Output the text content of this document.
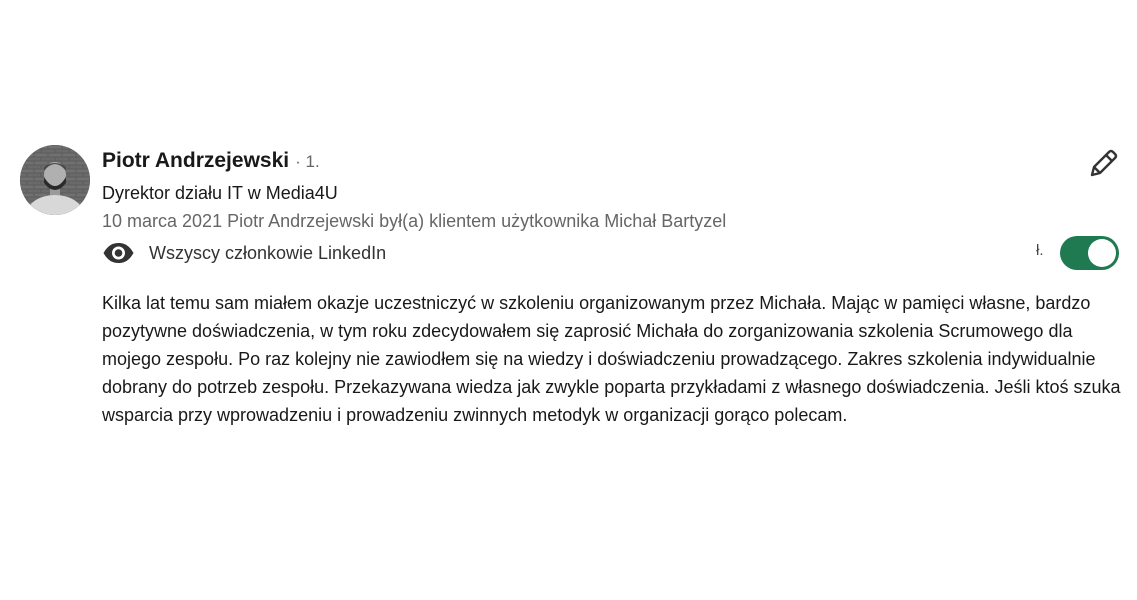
Piotr Andrzejewski · 1.
Dyrektor działu IT w Media4U
10 marca 2021 Piotr Andrzejewski był(a) klientem użytkownika Michał Bartyzel
Wszyscy członkowie LinkedIn	ł.
Kilka lat temu sam miałem okazje uczestniczyć w szkoleniu organizowanym przez Michała. Mając w pamięci własne, bardzo pozytywne doświadczenia, w tym roku zdecydowałem się zaprosić Michała do zorganizowania szkolenia Scrumowego dla mojego zespołu. Po raz kolejny nie zawiodłem się na wiedzy i doświadczeniu prowadzącego. Zakres szkolenia indywidualnie dobrany do potrzeb zespołu. Przekazywana wiedza jak zwykle poparta przykładami z własnego doświadczenia. Jeśli ktoś szuka wsparcia przy wprowadzeniu i prowadzeniu zwinnych metodyk w organizacji gorąco polecam.
